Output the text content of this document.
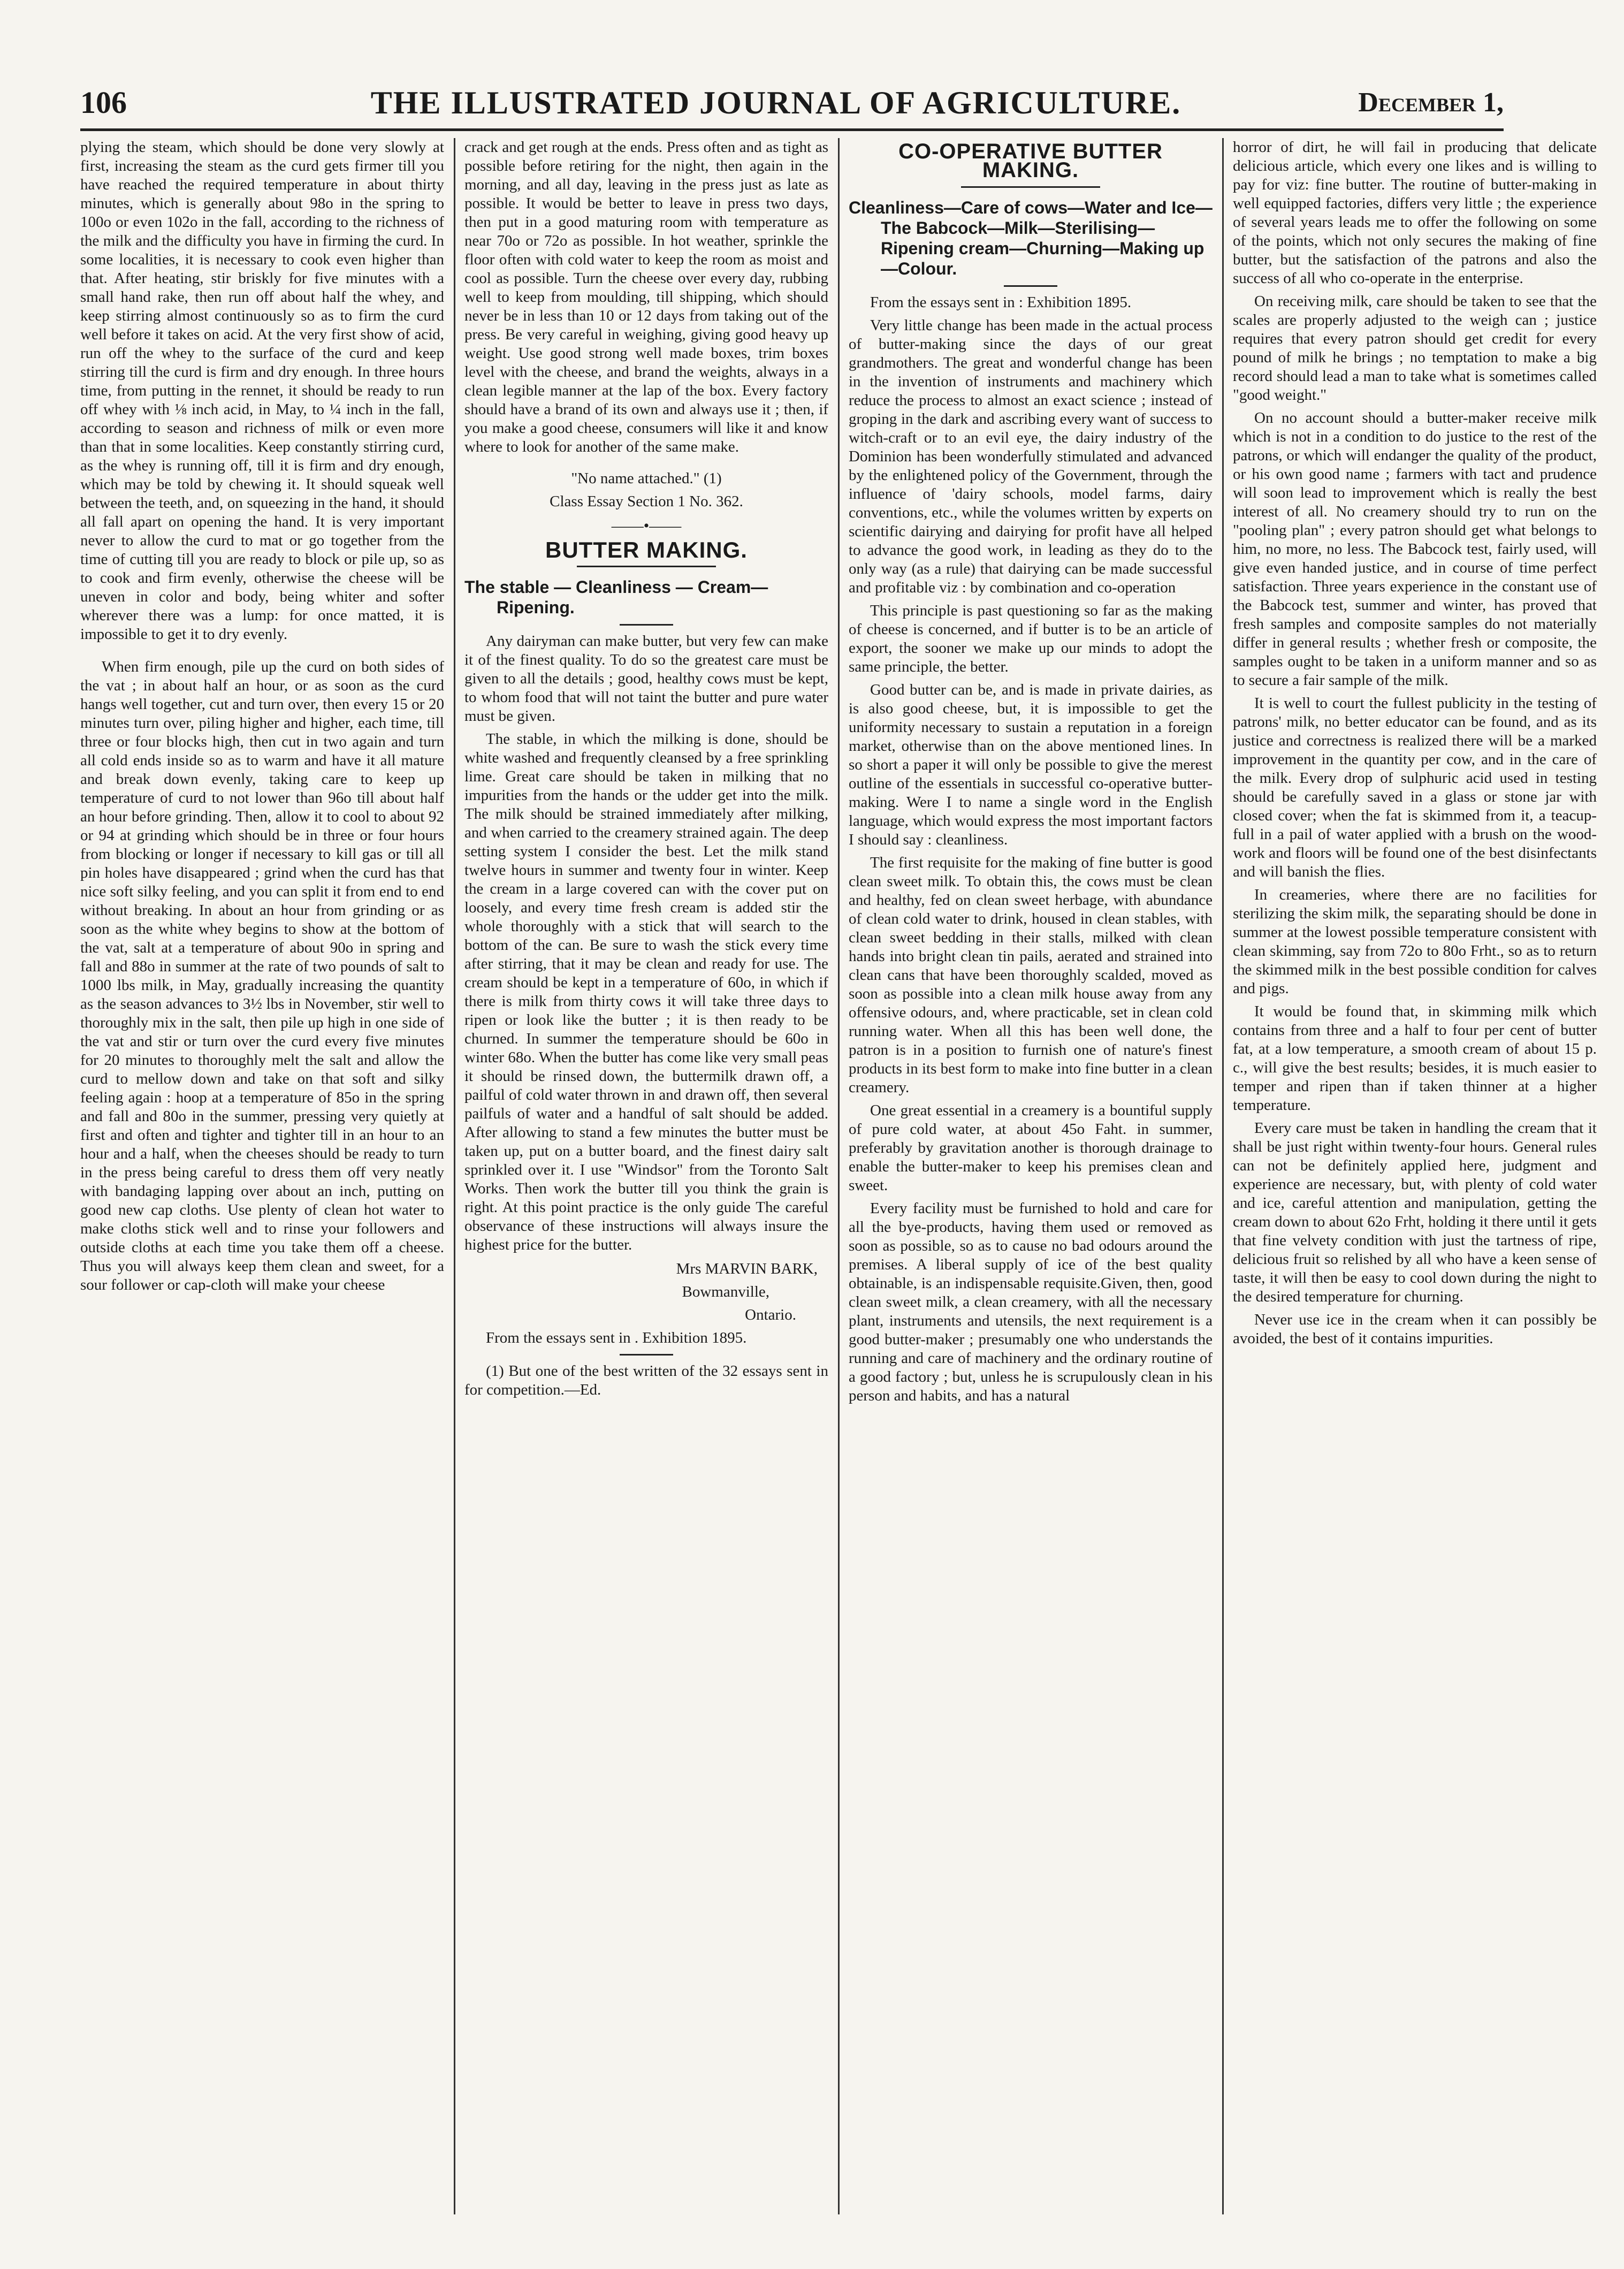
106	THE ILLUSTRATED JOURNAL OF AGRICULTURE.	December 1,

plying the steam, which should be done very slowly at first, increasing the steam as the curd gets firmer till you have reached the required temperature in about thirty minutes, which is generally about 98o in the spring to 100o or even 102o in the fall, according to the richness of the milk and the difficulty you have in firming the curd. In some localities, it is necessary to cook even higher than that. After heating, stir briskly for five minutes with a small hand rake, then run off about half the whey, and keep stirring almost continuously so as to firm the curd well before it takes on acid. At the very first show of acid, run off the whey to the surface of the curd and keep stirring till the curd is firm and dry enough. In three hours time, from putting in the rennet, it should be ready to run off whey with ⅛ inch acid, in May, to ¼ inch in the fall, according to season and richness of milk or even more than that in some localities. Keep constantly stirring curd, as the whey is running off, till it is firm and dry enough, which may be told by chewing it. It should squeak well between the teeth, and, on squeezing in the hand, it should all fall apart on opening the hand. It is very important never to allow the curd to mat or go together from the time of cutting till you are ready to block or pile up, so as to cook and firm evenly, otherwise the cheese will be uneven in color and body, being whiter and softer wherever there was a lump: for once matted, it is impossible to get it to dry evenly.

When firm enough, pile up the curd on both sides of the vat ; in about half an hour, or as soon as the curd hangs well together, cut and turn over, then every 15 or 20 minutes turn over, piling higher and higher, each time, till three or four blocks high, then cut in two again and turn all cold ends inside so as to warm and have it all mature and break down evenly, taking care to keep up temperature of curd to not lower than 96o till about half an hour before grinding. Then, allow it to cool to about 92 or 94 at grinding which should be in three or four hours from blocking or longer if necessary to kill gas or till all pin holes have disappeared ; grind when the curd has that nice soft silky feeling, and you can split it from end to end without breaking. In about an hour from grinding or as soon as the white whey begins to show at the bottom of the vat, salt at a temperature of about 90o in spring and fall and 88o in summer at the rate of two pounds of salt to 1000 lbs milk, in May, gradually increasing the quantity as the season advances to 3½ lbs in November, stir well to thoroughly mix in the salt, then pile up high in one side of the vat and stir or turn over the curd every five minutes for 20 minutes to thoroughly melt the salt and allow the curd to mellow down and take on that soft and silky feeling again : hoop at a temperature of 85o in the spring and fall and 80o in the summer, pressing very quietly at first and often and tighter and tighter till in an hour to an hour and a half, when the cheeses should be ready to turn in the press being careful to dress them off very neatly with bandaging lapping over about an inch, putting on good new cap cloths. Use plenty of clean hot water to make cloths stick well and to rinse your followers and outside cloths at each time you take them off a cheese. Thus you will always keep them clean and sweet, for a sour follower or cap-cloth will make your cheese

crack and get rough at the ends. Press often and as tight as possible before retiring for the night, then again in the morning, and all day, leaving in the press just as late as possible. It would be better to leave in press two days, then put in a good maturing room with temperature as near 70o or 72o as possible. In hot weather, sprinkle the floor often with cold water to keep the room as moist and cool as possible. Turn the cheese over every day, rubbing well to keep from moulding, till shipping, which should never be in less than 10 or 12 days from taking out of the press. Be very careful in weighing, giving good heavy up weight. Use good strong well made boxes, trim boxes level with the cheese, and brand the weights, always in a clean legible manner at the lap of the box. Every factory should have a brand of its own and always use it ; then, if you make a good cheese, consumers will like it and know where to look for another of the same make.

"No name attached." (1)

Class Essay Section 1 No. 362.

——•——
BUTTER MAKING.
The stable — Cleanliness — Cream— Ripening.

Any dairyman can make butter, but very few can make it of the finest quality. To do so the greatest care must be given to all the details ; good, healthy cows must be kept, to whom food that will not taint the butter and pure water must be given.

The stable, in which the milking is done, should be white washed and frequently cleansed by a free sprinkling lime. Great care should be taken in milking that no impurities from the hands or the udder get into the milk. The milk should be strained immediately after milking, and when carried to the creamery strained again. The deep setting system I consider the best. Let the milk stand twelve hours in summer and twenty four in winter. Keep the cream in a large covered can with the cover put on loosely, and every time fresh cream is added stir the whole thoroughly with a stick that will search to the bottom of the can. Be sure to wash the stick every time after stirring, that it may be clean and ready for use. The cream should be kept in a temperature of 60o, in which if there is milk from thirty cows it will take three days to ripen or look like the butter ; it is then ready to be churned. In summer the temperature should be 60o in winter 68o. When the butter has come like very small peas it should be rinsed down, the buttermilk drawn off, a pailful of cold water thrown in and drawn off, then several pailfuls of water and a handful of salt should be added. After allowing to stand a few minutes the butter must be taken up, put on a butter board, and the finest dairy salt sprinkled over it. I use "Windsor" from the Toronto Salt Works. Then work the butter till you think the grain is right. At this point practice is the only guide The careful observance of these instructions will always insure the highest price for the butter.

Mrs MARVIN BARK,

Bowmanville,

Ontario.

From the essays sent in . Exhibition 1895.

(1) But one of the best written of the 32 essays sent in for competition.—Ed.

CO-OPERATIVE BUTTER MAKING.
Cleanliness—Care of cows—Water and Ice—The Babcock—Milk—Sterilising—Ripening cream—Churning—Making up—Colour.

From the essays sent in : Exhibition 1895.

Very little change has been made in the actual process of butter-making since the days of our great grandmothers. The great and wonderful change has been in the invention of instruments and machinery which reduce the process to almost an exact science ; instead of groping in the dark and ascribing every want of success to witch-craft or to an evil eye, the dairy industry of the Dominion has been wonderfully stimulated and advanced by the enlightened policy of the Government, through the influence of 'dairy schools, model farms, dairy conventions, etc., while the volumes written by experts on scientific dairying and dairying for profit have all helped to advance the good work, in leading as they do to the only way (as a rule) that dairying can be made successful and profitable viz : by combination and co-operation

This principle is past questioning so far as the making of cheese is concerned, and if butter is to be an article of export, the sooner we make up our minds to adopt the same principle, the better.

Good butter can be, and is made in private dairies, as is also good cheese, but, it is impossible to get the uniformity necessary to sustain a reputation in a foreign market, otherwise than on the above mentioned lines. In so short a paper it will only be possible to give the merest outline of the essentials in successful co-operative butter-making. Were I to name a single word in the English language, which would express the most important factors I should say : cleanliness.

The first requisite for the making of fine butter is good clean sweet milk. To obtain this, the cows must be clean and healthy, fed on clean sweet herbage, with abundance of clean cold water to drink, housed in clean stables, with clean sweet bedding in their stalls, milked with clean hands into bright clean tin pails, aerated and strained into clean cans that have been thoroughly scalded, moved as soon as possible into a clean milk house away from any offensive odours, and, where practicable, set in clean cold running water. When all this has been well done, the patron is in a position to furnish one of nature's finest products in its best form to make into fine butter in a clean creamery.

One great essential in a creamery is a bountiful supply of pure cold water, at about 45o Faht. in summer, preferably by gravitation another is thorough drainage to enable the butter-maker to keep his premises clean and sweet.

Every facility must be furnished to hold and care for all the bye-products, having them used or removed as soon as possible, so as to cause no bad odours around the premises. A liberal supply of ice of the best quality obtainable, is an indispensable requisite.Given, then, good clean sweet milk, a clean creamery, with all the necessary plant, instruments and utensils, the next requirement is a good butter-maker ; presumably one who understands the running and care of machinery and the ordinary routine of a good factory ; but, unless he is scrupulously clean in his person and habits, and has a natural

horror of dirt, he will fail in producing that delicate delicious article, which every one likes and is willing to pay for viz: fine butter. The routine of butter-making in well equipped factories, differs very little ; the experience of several years leads me to offer the following on some of the points, which not only secures the making of fine butter, but the satisfaction of the patrons and also the success of all who co-operate in the enterprise.

On receiving milk, care should be taken to see that the scales are properly adjusted to the weigh can ; justice requires that every patron should get credit for every pound of milk he brings ; no temptation to make a big record should lead a man to take what is sometimes called "good weight."

On no account should a butter-maker receive milk which is not in a condition to do justice to the rest of the patrons, or which will endanger the quality of the product, or his own good name ; farmers with tact and prudence will soon lead to improvement which is really the best interest of all. No creamery should try to run on the "pooling plan" ; every patron should get what belongs to him, no more, no less. The Babcock test, fairly used, will give even handed justice, and in course of time perfect satisfaction. Three years experience in the constant use of the Babcock test, summer and winter, has proved that fresh samples and composite samples do not materially differ in general results ; whether fresh or composite, the samples ought to be taken in a uniform manner and so as to secure a fair sample of the milk.

It is well to court the fullest publicity in the testing of patrons' milk, no better educator can be found, and as its justice and correctness is realized there will be a marked improvement in the quantity per cow, and in the care of the milk. Every drop of sulphuric acid used in testing should be carefully saved in a glass or stone jar with closed cover; when the fat is skimmed from it, a teacup-full in a pail of water applied with a brush on the wood-work and floors will be found one of the best disinfectants and will banish the flies.

In creameries, where there are no facilities for sterilizing the skim milk, the separating should be done in summer at the lowest possible temperature consistent with clean skimming, say from 72o to 80o Frht., so as to return the skimmed milk in the best possible condition for calves and pigs.

It would be found that, in skimming milk which contains from three and a half to four per cent of butter fat, at a low temperature, a smooth cream of about 15 p. c., will give the best results; besides, it is much easier to temper and ripen than if taken thinner at a higher temperature.

Every care must be taken in handling the cream that it shall be just right within twenty-four hours. General rules can not be definitely applied here, judgment and experience are necessary, but, with plenty of cold water and ice, careful attention and manipulation, getting the cream down to about 62o Frht, holding it there until it gets that fine velvety condition with just the tartness of ripe, delicious fruit so relished by all who have a keen sense of taste, it will then be easy to cool down during the night to the desired temperature for churning.

Never use ice in the cream when it can possibly be avoided, the best of it contains impurities.
